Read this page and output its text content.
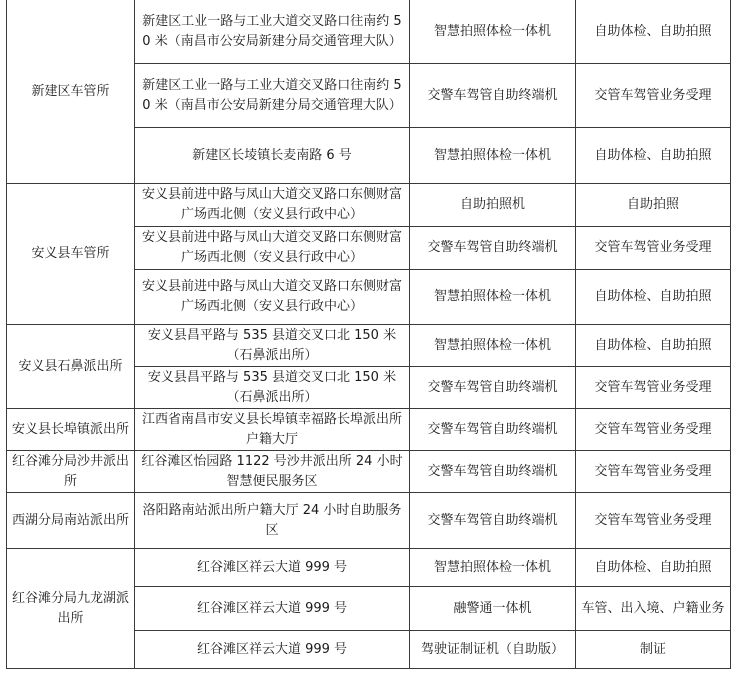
新建区车管所	新建区工业一路与工业大道交叉路口往南约 50 米（南昌市公安局新建分局交通管理大队）	智慧拍照体检一体机	自助体检、自助拍照
	新建区工业一路与工业大道交叉路口往南约 50 米（南昌市公安局新建分局交通管理大队）	交警车驾管自助终端机	交管车驾管业务受理
	新建区长堎镇长麦南路 6 号	智慧拍照体检一体机	自助体检、自助拍照
安义县车管所	安义县前进中路与凤山大道交叉路口东侧财富广场西北侧（安义县行政中心）	自助拍照机	自助拍照
	安义县前进中路与凤山大道交叉路口东侧财富广场西北侧（安义县行政中心）	交警车驾管自助终端机	交管车驾管业务受理
	安义县前进中路与凤山大道交叉路口东侧财富广场西北侧（安义县行政中心）	智慧拍照体检一体机	自助体检、自助拍照
安义县石鼻派出所	安义县昌平路与 535 县道交叉口北 150 米（石鼻派出所）	智慧拍照体检一体机	自助体检、自助拍照
	安义县昌平路与 535 县道交叉口北 150 米（石鼻派出所）	交警车驾管自助终端机	交管车驾管业务受理
安义县长埠镇派出所	江西省南昌市安义县长埠镇幸福路长埠派出所户籍大厅	交警车驾管自助终端机	交管车驾管业务受理
红谷滩分局沙井派出所	红谷滩区怡园路 1122 号沙井派出所 24 小时智慧便民服务区	交警车驾管自助终端机	交管车驾管业务受理
西湖分局南站派出所	洛阳路南站派出所户籍大厅 24 小时自助服务区	交警车驾管自助终端机	交管车驾管业务受理
红谷滩分局九龙湖派出所	红谷滩区祥云大道 999 号	智慧拍照体检一体机	自助体检、自助拍照
	红谷滩区祥云大道 999 号	融警通一体机	车管、出入境、户籍业务
	红谷滩区祥云大道 999 号	驾驶证制证机（自助版）	制证
